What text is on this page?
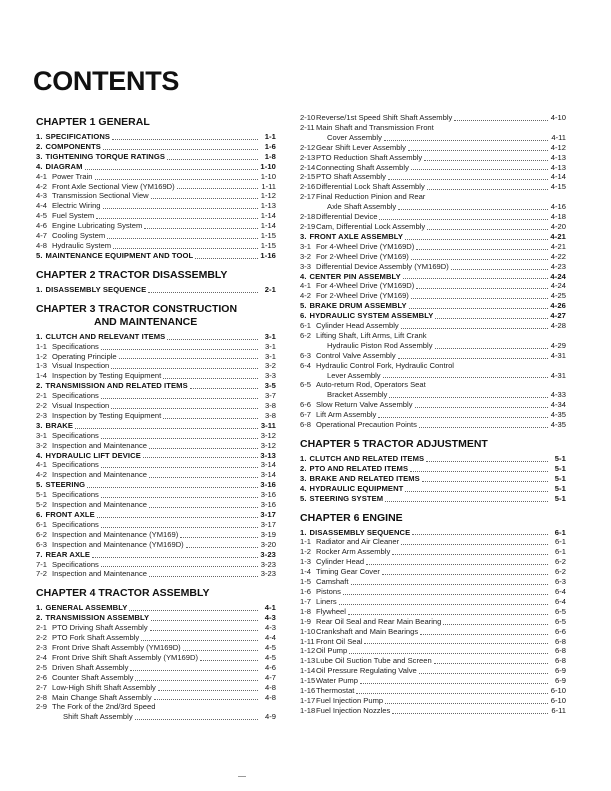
CONTENTS
CHAPTER 1 GENERAL
1. SPECIFICATIONS	1-1
2. COMPONENTS	1-6
3. TIGHTENING TORQUE RATINGS	1-8
4. DIAGRAM	1-10
4-1 Power Train	1-10
4-2 Front Axle Sectional View (YM169D)	1-11
4-3 Transmission Sectional View	1-12
4-4 Electric Wiring	1-13
4-5 Fuel System	1-14
4-6 Engine Lubricating System	1-14
4-7 Cooling System	1-15
4-8 Hydraulic System	1-15
5. MAINTENANCE EQUIPMENT AND TOOL	1-16
CHAPTER 2 TRACTOR DISASSEMBLY
1. DISASSEMBLY SEQUENCE	2-1
CHAPTER 3 TRACTOR CONSTRUCTION
AND MAINTENANCE
1. CLUTCH AND RELEVANT ITEMS	3-1
1-1 Specifications	3-1
1-2 Operating Principle	3-1
1-3 Visual Inspection	3-2
1-4 Inspection by Testing Equipment	3-3
2. TRANSMISSION AND RELATED ITEMS	3-5
2-1 Specifications	3-7
2-2 Visual Inspection	3-8
2-3 Inspection by Testing Equipment	3-8
3. BRAKE	3-11
3-1 Specifications	3-12
3-2 Inspection and Maintenance	3-12
4. HYDRAULIC LIFT DEVICE	3-13
4-1 Specifications	3-14
4-2 Inspection and Maintenance	3-14
5. STEERING	3-16
5-1 Specifications	3-16
5-2 Inspection and Maintenance	3-16
6. FRONT AXLE	3-17
6-1 Specifications	3-17
6-2 Inspection and Maintenance (YM169)	3-19
6-3 Inspection and Maintenance (YM169D)	3-20
7. REAR AXLE	3-23
7-1 Specifications	3-23
7-2 Inspection and Maintenance	3-23
CHAPTER 4 TRACTOR ASSEMBLY
1. GENERAL ASSEMBLY	4-1
2. TRANSMISSION ASSEMBLY	4-3
2-1 PTO Driving Shaft Assembly	4-3
2-2 PTO Fork Shaft Assembly	4-4
2-3 Front Drive Shaft Assembly (YM169D)	4-5
2-4 Front Drive Shift Shaft Assembly (YM169D)	4-5
2-5 Driven Shaft Assembly	4-6
2-6 Counter Shaft Assembly	4-7
2-7 Low-High Shift Shaft Assembly	4-8
2-8 Main Change Shaft Assembly	4-8
2-9 The Fork of the 2nd/3rd Speed
Shift Shaft Assembly	4-9
2-10 Reverse/1st Speed Shift Shaft Assembly	4-10
2-11 Main Shaft and Transmission Front
Cover Assembly	4-11
2-12 Gear Shift Lever Assembly	4-12
2-13 PTO Reduction Shaft Assembly	4-13
2-14 Connecting Shaft Assembly	4-13
2-15 PTO Shaft Assembly	4-14
2-16 Differential Lock Shaft Assembly	4-15
2-17 Final Reduction Pinion and Rear
Axle Shaft Assembly	4-16
2-18 Differential Device	4-18
2-19 Cam, Differential Lock Assembly	4-20
3. FRONT AXLE ASSEMBLY	4-21
3-1 For 4-Wheel Drive (YM169D)	4-21
3-2 For 2-Wheel Drive (YM169)	4-22
3-3 Differential Device Assembly (YM169D)	4-23
4. CENTER PIN ASSEMBLY	4-24
4-1 For 4-Wheel Drive (YM169D)	4-24
4-2 For 2-Wheel Drive (YM169)	4-25
5. BRAKE DRUM ASSEMBLY	4-26
6. HYDRAULIC SYSTEM ASSEMBLY	4-27
6-1 Cylinder Head Assembly	4-28
6-2 Lifting Shaft, Lift Arms, Lift Crank
Hydraulic Piston Rod Assembly	4-29
6-3 Control Valve Assembly	4-31
6-4 Hydraulic Control Fork, Hydraulic Control
Lever Assembly	4-31
6-5 Auto-return Rod, Operators Seat
Bracket Assembly	4-33
6-6 Slow Return Valve Assembly	4-34
6-7 Lift Arm Assembly	4-35
6-8 Operational Precaution Points	4-35
CHAPTER 5 TRACTOR ADJUSTMENT
1. CLUTCH AND RELATED ITEMS	5-1
2. PTO AND RELATED ITEMS	5-1
3. BRAKE AND RELATED ITEMS	5-1
4. HYDRAULIC EQUIPMENT	5-1
5. STEERING SYSTEM	5-1
CHAPTER 6 ENGINE
1. DISASSEMBLY SEQUENCE	6-1
1-1 Radiator and Air Cleaner	6-1
1-2 Rocker Arm Assembly	6-1
1-3 Cylinder Head	6-2
1-4 Timing Gear Cover	6-2
1-5 Camshaft	6-3
1-6 Pistons	6-4
1-7 Liners	6-4
1-8 Flywheel	6-5
1-9 Rear Oil Seal and Rear Main Bearing	6-5
1-10 Crankshaft and Main Bearings	6-6
1-11 Front Oil Seal	6-8
1-12 Oil Pump	6-8
1-13 Lube Oil Suction Tube and Screen	6-8
1-14 Oil Pressure Regulating Valve	6-9
1-15 Water Pump	6-9
1-16 Thermostat	6-10
1-17 Fuel Injection Pump	6-10
1-18 Fuel Injection Nozzles	6-11
